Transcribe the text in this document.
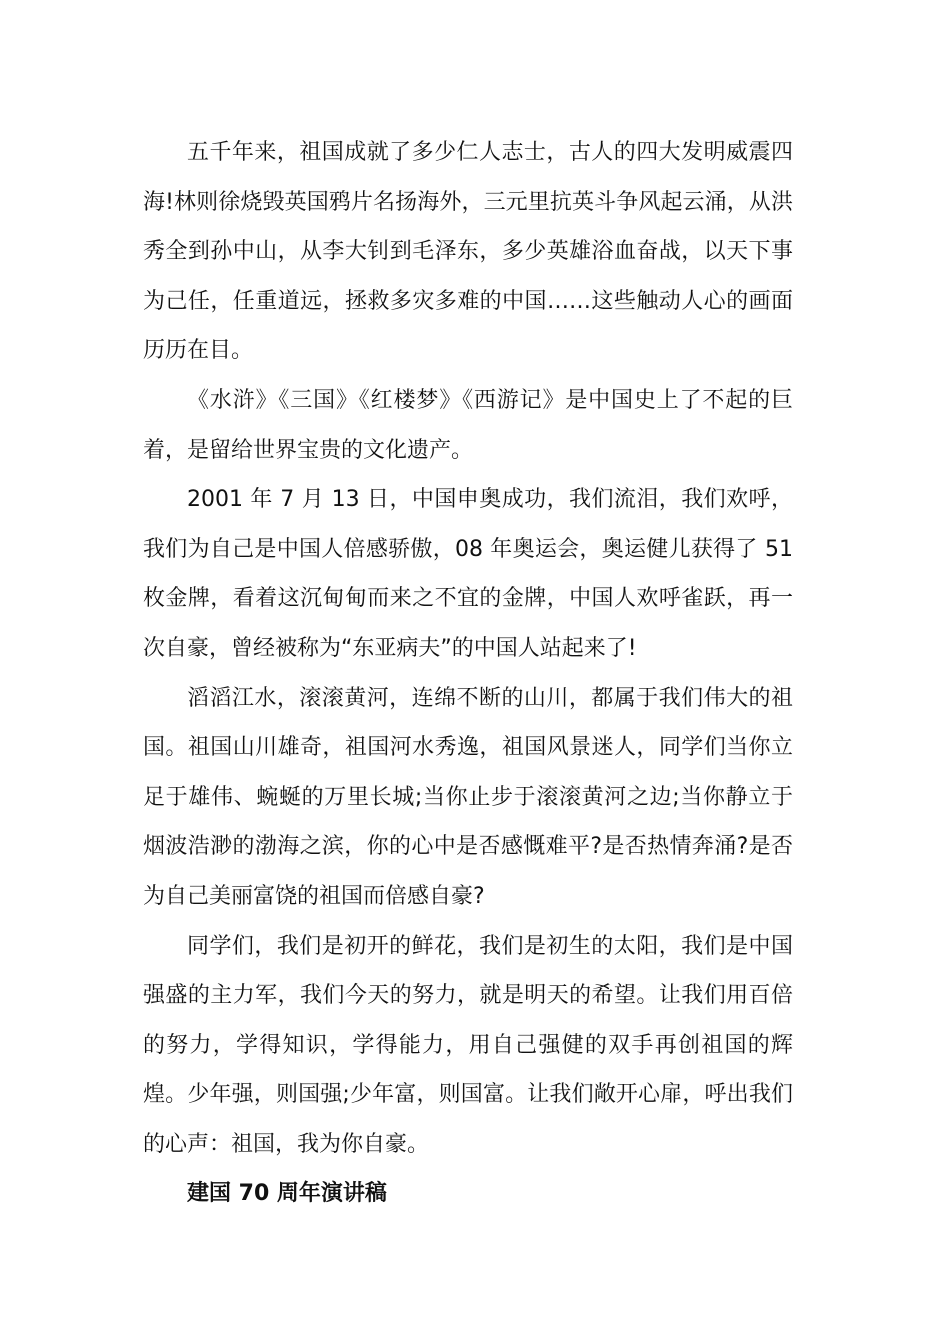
五千年来，祖国成就了多少仁人志士，古人的四大发明威震四海!林则徐烧毁英国鸦片名扬海外，三元里抗英斗争风起云涌，从洪秀全到孙中山，从李大钊到毛泽东，多少英雄浴血奋战，以天下事为己任，任重道远，拯救多灾多难的中国……这些触动人心的画面历历在目。

《水浒》《三国》《红楼梦》《西游记》是中国史上了不起的巨着，是留给世界宝贵的文化遗产。

2001 年 7 月 13 日，中国申奥成功，我们流泪，我们欢呼，我们为自己是中国人倍感骄傲，08 年奥运会，奥运健儿获得了 51 枚金牌，看着这沉甸甸而来之不宜的金牌，中国人欢呼雀跃，再一次自豪，曾经被称为“东亚病夫”的中国人站起来了!

滔滔江水，滚滚黄河，连绵不断的山川，都属于我们伟大的祖国。祖国山川雄奇，祖国河水秀逸，祖国风景迷人，同学们当你立足于雄伟、蜿蜒的万里长城;当你止步于滚滚黄河之边;当你静立于烟波浩渺的渤海之滨，你的心中是否感慨难平?是否热情奔涌?是否为自己美丽富饶的祖国而倍感自豪?

同学们，我们是初开的鲜花，我们是初生的太阳，我们是中国强盛的主力军，我们今天的努力，就是明天的希望。让我们用百倍的努力，学得知识，学得能力，用自己强健的双手再创祖国的辉煌。少年强，则国强;少年富，则国富。让我们敞开心扉，呼出我们的心声：祖国，我为你自豪。

建国 70 周年演讲稿
